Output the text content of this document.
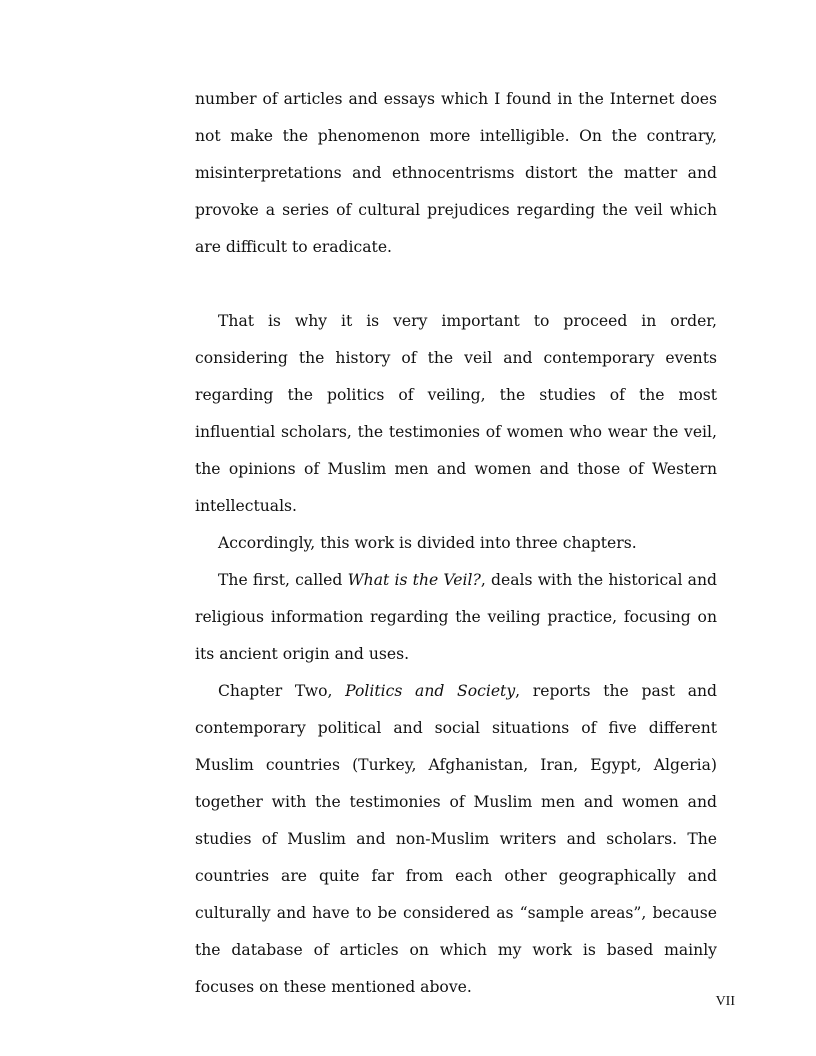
number of articles and essays which I found in the Internet does not make the phenomenon more intelligible. On the contrary, misinterpretations and ethnocentrisms distort the matter and provoke a series of cultural prejudices regarding the veil which are difficult to eradicate.

That is why it is very important to proceed in order, considering the history of the veil and contemporary events regarding the politics of veiling, the studies of the most influential scholars, the testimonies of women who wear the veil, the opinions of Muslim men and women and those of Western intellectuals.

Accordingly, this work is divided into three chapters.

The first, called What is the Veil?, deals with the historical and religious information regarding the veiling practice, focusing on its ancient origin and uses.

Chapter Two, Politics and Society, reports the past and contemporary political and social situations of five different Muslim countries (Turkey, Afghanistan, Iran, Egypt, Algeria) together with the testimonies of Muslim men and women and studies of Muslim and non-Muslim writers and scholars. The countries are quite far from each other geographically and culturally and have to be considered as “sample areas”, because the database of articles on which my work is based mainly focuses on these mentioned above.

VII
